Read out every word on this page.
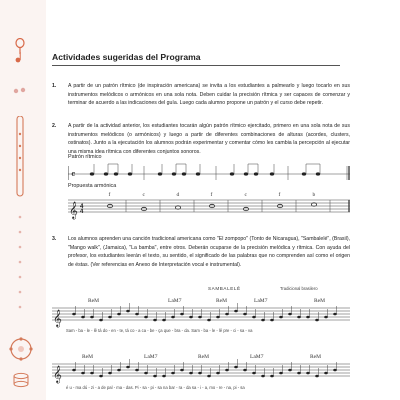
Actividades sugeridas del Programa
1. A partir de un patrón rítmico (de inspiración americana) se invita a los estudiantes a palmearlo y luego tocarlo en sus instrumentos melódicos o armónicos en una sola nota. Deben cuidar la precisión rítmica y ser capaces de comenzar y terminar de acuerdo a las indicaciones del guía. Luego cada alumno propone un patrón y el curso debe repetir.
2. A partir de la actividad anterior, los estudiantes tocarán algún patrón rítmico ejercitado, primero en una sola nota de sus instrumentos melódicos (o armónicos) y luego a partir de diferentes combinaciones de alturas (acordes, clusters, ostinatos). Junto a la ejecutación los alumnos podrán experimentar y comentar cómo les cambia la percepción al ejecutar una misma idea rítmica con diferentes conjuntos sonoros.
Patrón rítmico
𝄴
Propuesta armónica
f	c	d	f	c	f	b
𝄞 4
4
3. Los alumnos aprenden una canción tradicional americana como "El zompopo" (Tonto de Nicaragua), "Sambalelé", (Brasil), "Mango walk", (Jamaica), "La bamba", entre otros. Deberán ocuparse de la precisión melódica y rítmica. Con ayuda del profesor, los estudiantes leerán el texto, su sentido, el significado de las palabras que no comprenden así como el origen de éstas. (Ver referencias en Anexo de Interpretación vocal e instrumental).
SAMBALELÊ	Tradicional brasilero
ReM	LaM7	ReM	LaM7	ReM
𝄞
Sam - ba - le - lê tá do - en - te, tá co - a ca - be - ça que - bra - da. Sam - ba - le - lê pre - ci - sa - va
ReM	LaM7	ReM	LaM7	ReM
𝄞
é u - ma dú - zi - a de pal - ma - das. Pi - sa - pi - sa na bar - ra - da sa - i - a, mo - re - na, pi - sa
